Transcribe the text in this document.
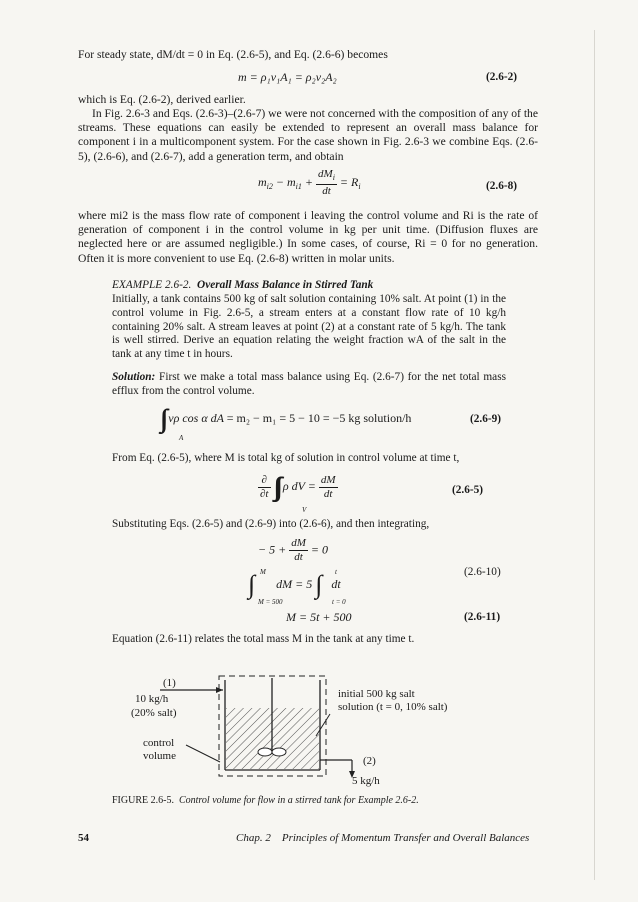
For steady state, dM/dt = 0 in Eq. (2.6-5), and Eq. (2.6-6) becomes
m = ρ₁v₁A₁ = ρ₂v₂A₂	(2.6-2)
which is Eq. (2.6-2), derived earlier.
In Fig. 2.6-3 and Eqs. (2.6-3)–(2.6-7) we were not concerned with the composition of any of the streams. These equations can easily be extended to represent an overall mass balance for component i in a multicomponent system. For the case shown in Fig. 2.6-3 we combine Eqs. (2.6-5), (2.6-6), and (2.6-7), add a generation term, and obtain
$m_{i2} - m_{i1} + \frac{dM_i}{dt} = R_i$	(2.6-8)
where mi2 is the mass flow rate of component i leaving the control volume and Ri is the rate of generation of component i in the control volume in kg per unit time. (Diffusion fluxes are neglected here or are assumed negligible.) In some cases, of course, Ri = 0 for no generation. Often it is more convenient to use Eq. (2.6-8) written in molar units.
EXAMPLE 2.6-2. Overall Mass Balance in Stirred Tank
Initially, a tank contains 500 kg of salt solution containing 10% salt. At point (1) in the control volume in Fig. 2.6-5, a stream enters at a constant flow rate of 10 kg/h containing 20% salt. A stream leaves at point (2) at a constant rate of 5 kg/h. The tank is well stirred. Derive an equation relating the weight fraction wA of the salt in the tank at any time t in hours.
Solution: First we make a total mass balance using Eq. (2.6-7) for the net total mass efflux from the control volume.
∫∫  vρ cos α dA = m₂ − m₁ = 5 − 10 = −5 kg solution/h
A
(2.6-9)
From Eq. (2.6-5), where M is total kg of solution in control volume at time t,
$\frac{\partial}{\partial t}$ ∫∫∫  ρ dV = $\frac{dM}{dt}$
V
(2.6-5)
Substituting Eqs. (2.6-5) and (2.6-9) into (2.6-6), and then integrating,
− $5 + \frac{dM}{dt} = 0$
∫         dM = 5 ∫     dt
M
M = 500
t
t = 0
(2.6-10)
M = 5t + 500	(2.6-11)
Equation (2.6-11) relates the total mass M in the tank at any time t.
(1)
10 kg/h
(20% salt)
initial 500 kg salt
solution (t = 0, 10% salt)
control
volume	(2)
5 kg/h
FIGURE 2.6-5. Control volume for flow in a stirred tank for Example 2.6-2.
54	Chap. 2 Principles of Momentum Transfer and Overall Balances
